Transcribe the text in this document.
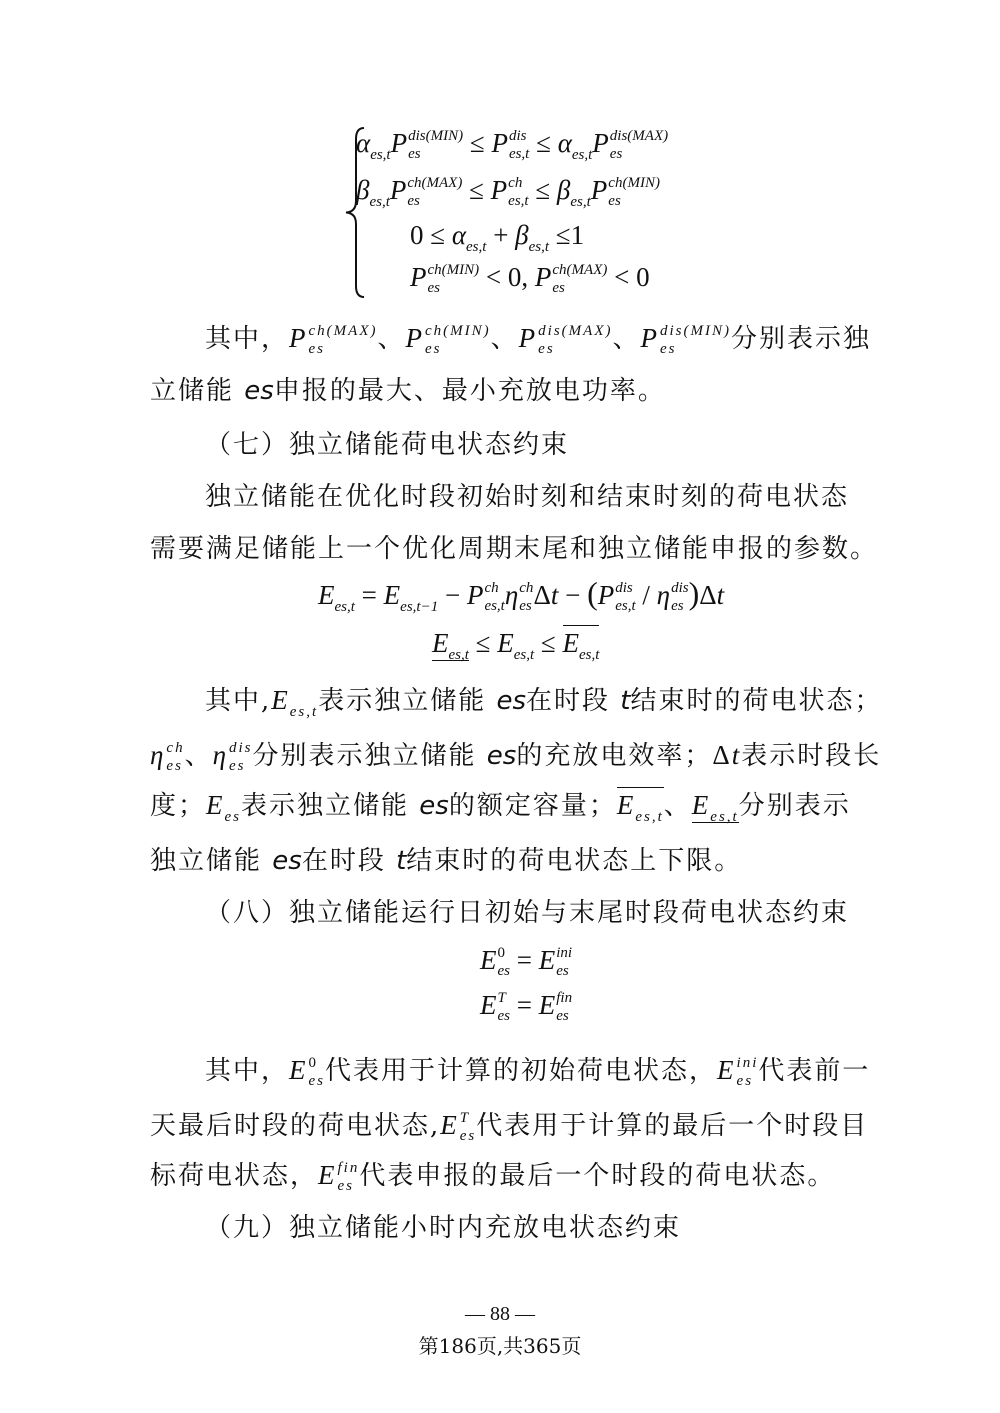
$\alpha_{es,t}P$ dis(MIN)
es	≤ P dis
$es,t \le \alpha_{es,t}P$ dis(MAX)
es
$\beta_{es,t}P$ ch(MAX)
es	≤ P ch
$es,t \le \beta_{es,t}P$ ch(MIN)
es
$0 \le \alpha_{es,t} + \beta_{es,t} \le 1$
P ch(MIN)
es	< 0, P ch(MAX)
es	< 0
其中，P ch(MAX)
es	、P ch(MIN)
es	、P dis(MAX)
es	、P dis(MIN)
es	分别表示独
立储能 es申报的最大、最小充放电功率。
（七）独立储能荷电状态约束
独立储能在优化时段初始时刻和结束时刻的荷电状态
需要满足储能上一个优化周期末尾和独立储能申报的参数。
$E_{es,t} = E_{es,t-1} - P$ ch
es,t η ch
es Δt − (P dis
es,t / η dis
es )Δt
$E_{es,t} \le E_{es,t} \le E_{es,t}$
其中$,E_{es,t}$表示独立储能 es在时段 t结束时的荷电状态；
η ch
es 、η dis
es 分别表示独立储能 es的充放电效率；Δt表示时段长
度；$E_{es}$表示独立储能 es的额定容量；$E_{es,t}$、$E_{es,t}$分别表示
独立储能 es在时段 t结束时的荷电状态上下限。
（八）独立储能运行日初始与末尾时段荷电状态约束
E 0
es = E ini
es
E T
es = E fin
es
其中，E 0
es 代表用于计算的初始荷电状态，E ini
es 代表前一
天最后时段的荷电状态,E T
es 代表用于计算的最后一个时段目
标荷电状态，E fin
es 代表申报的最后一个时段的荷电状态。
（九）独立储能小时内充放电状态约束
— 88 —
第186页,共365页
